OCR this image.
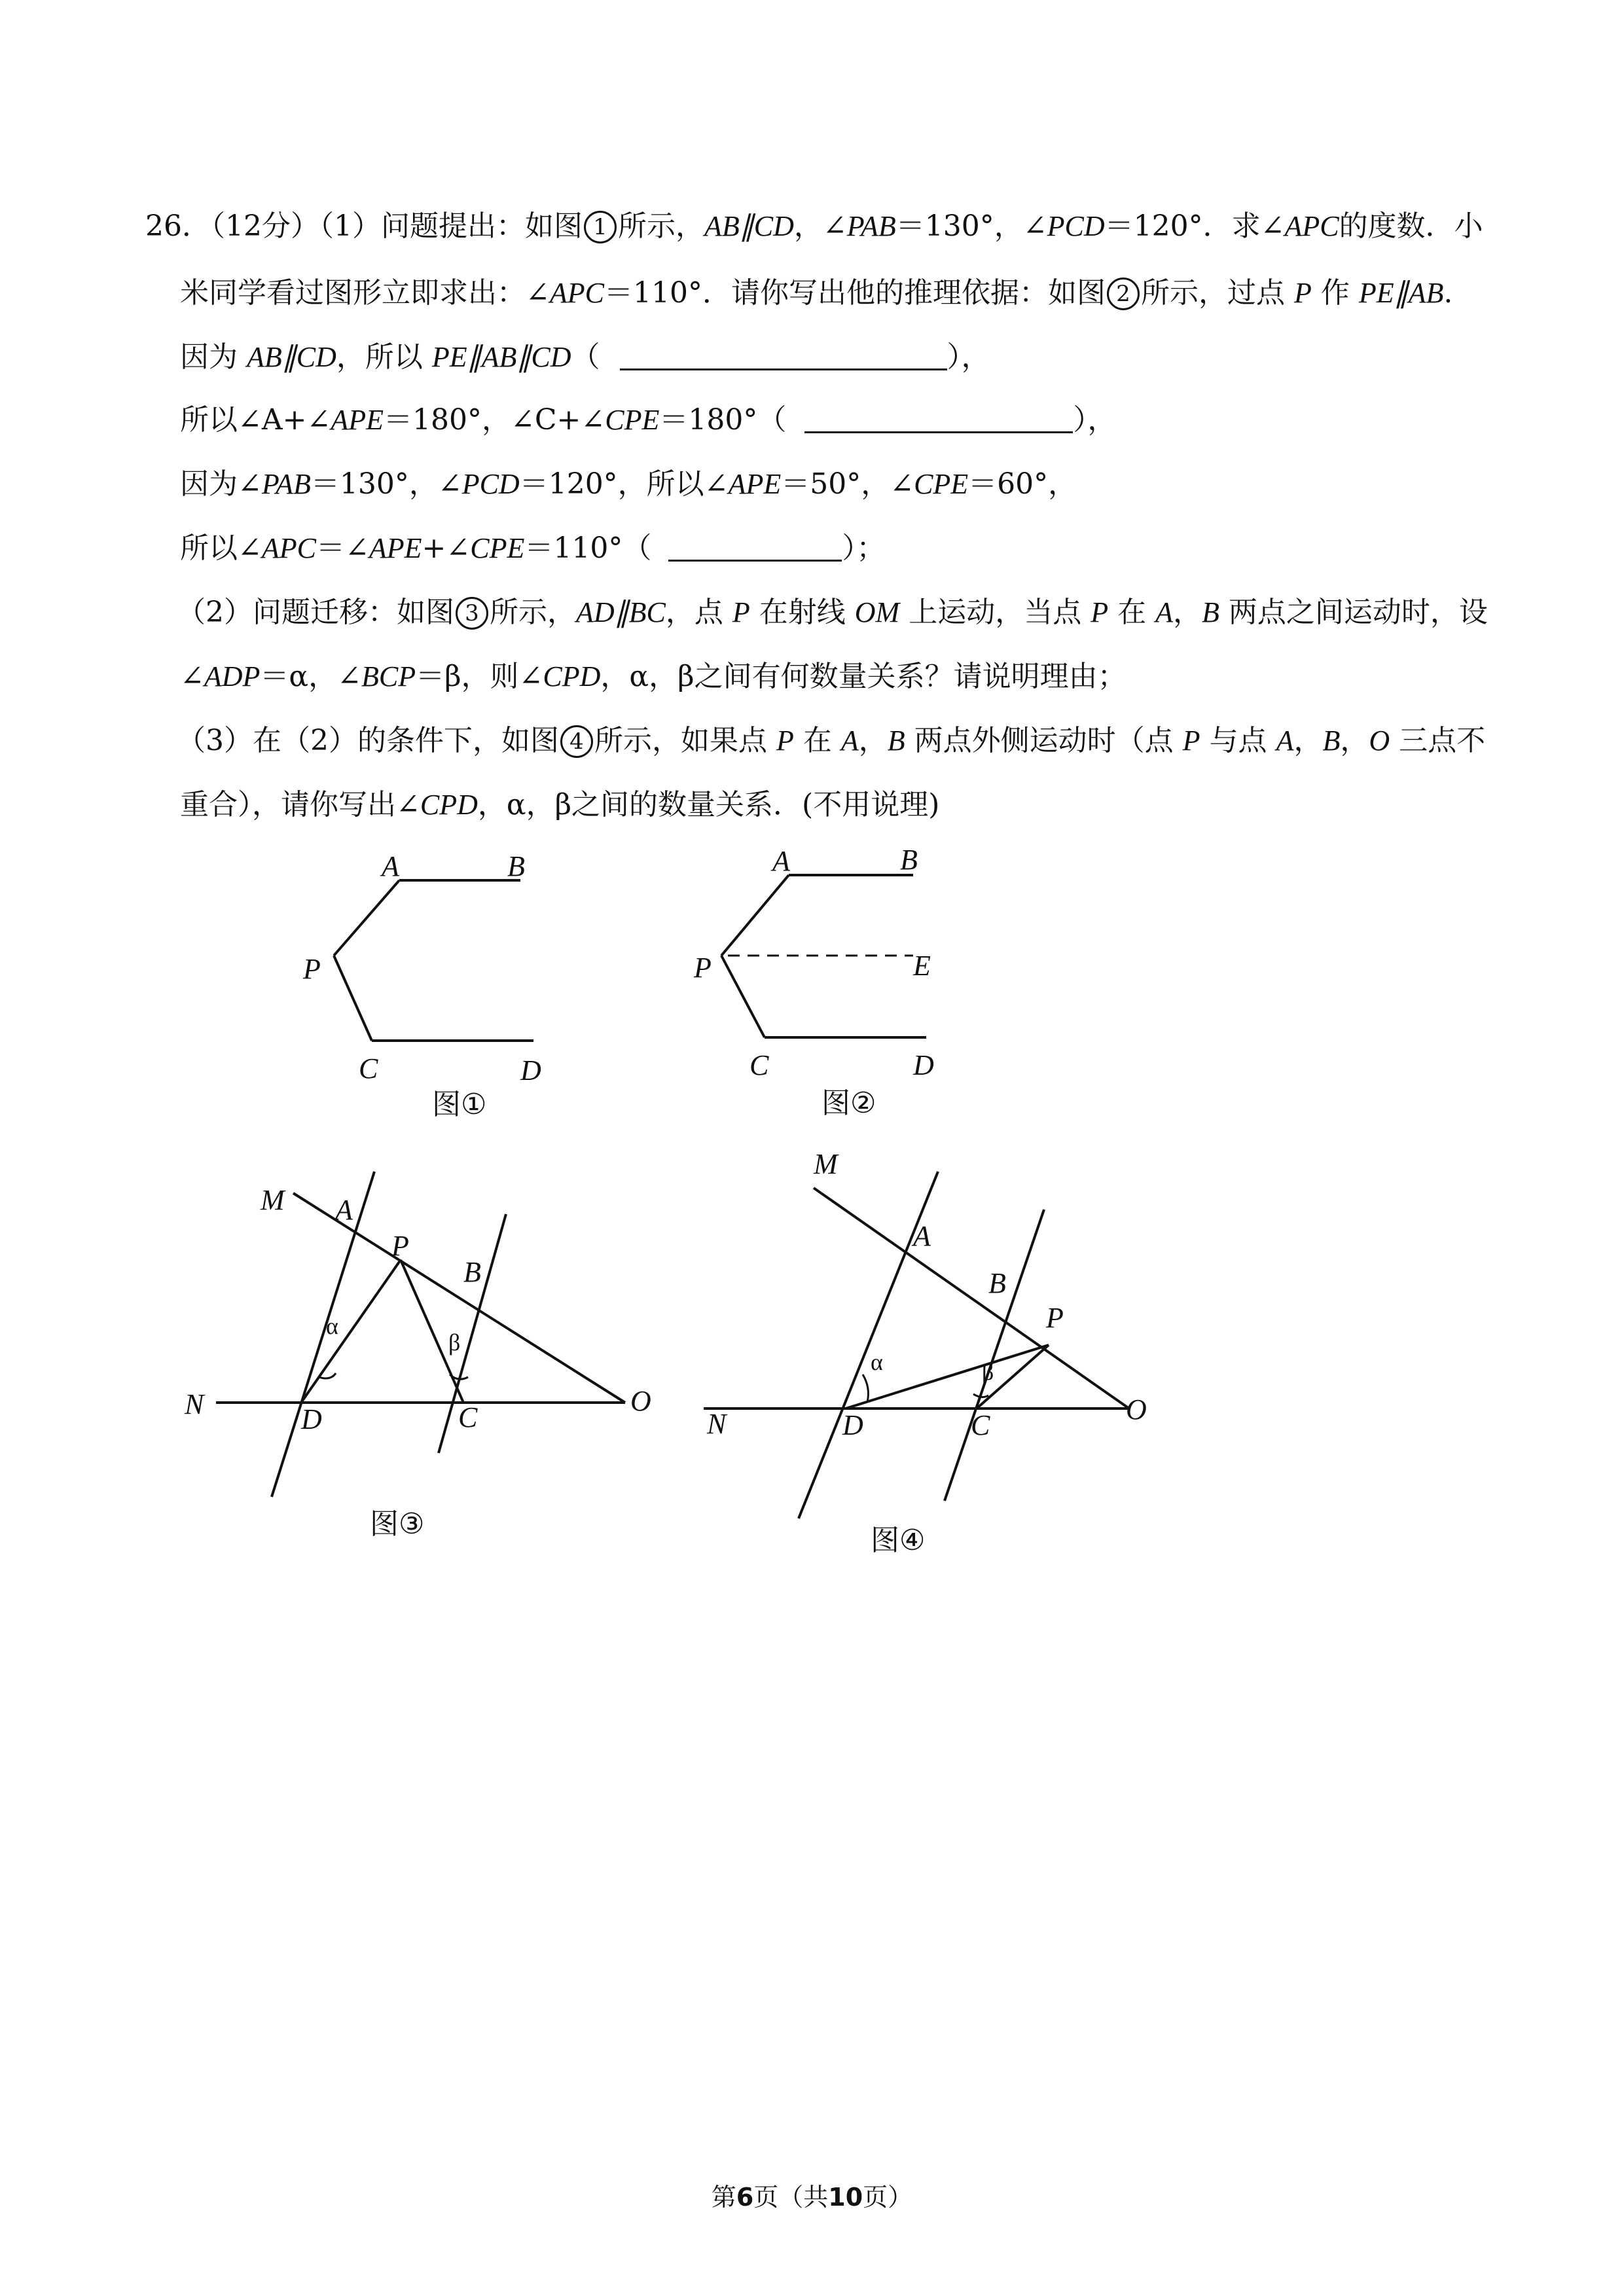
26．（12分）（1）问题提出：如图 1 所示，AB∥CD，∠PAB＝130°，∠PCD＝120°．求∠APC的度数．小
米同学看过图形立即求出：∠APC＝110°．请你写出他的推理依据：如图 2 所示，过点 P 作 PE∥AB.
因为 AB∥CD，所以 PE∥AB∥CD（	），
所以∠A+∠APE＝180°，∠C+∠CPE＝180°（	），
因为∠PAB＝130°，∠PCD＝120°，所以∠APE＝50°，∠CPE＝60°，
所以∠APC＝∠APE+∠CPE＝110°（	）；
（2）问题迁移：如图 3 所示，AD∥BC，点 P 在射线 OM 上运动，当点 P 在 A，B 两点之间运动时，设
∠ADP＝α，∠BCP＝β，则∠CPD，α，β之间有何数量关系？请说明理由；
（3）在（2）的条件下，如图 4 所示，如果点 P 在 A，B 两点外侧运动时（点 P 与点 A，B，O 三点不
重合），请你写出∠CPD，α，β之间的数量关系．(不用说理)
A	B
P
C	D
图①
A	B
P	E
C	D
图②
M A
P
B
N	D	C
O
α
β
图③
M
A
B
P
N	D	C	O
α	β
图④
第6页（共10页）
